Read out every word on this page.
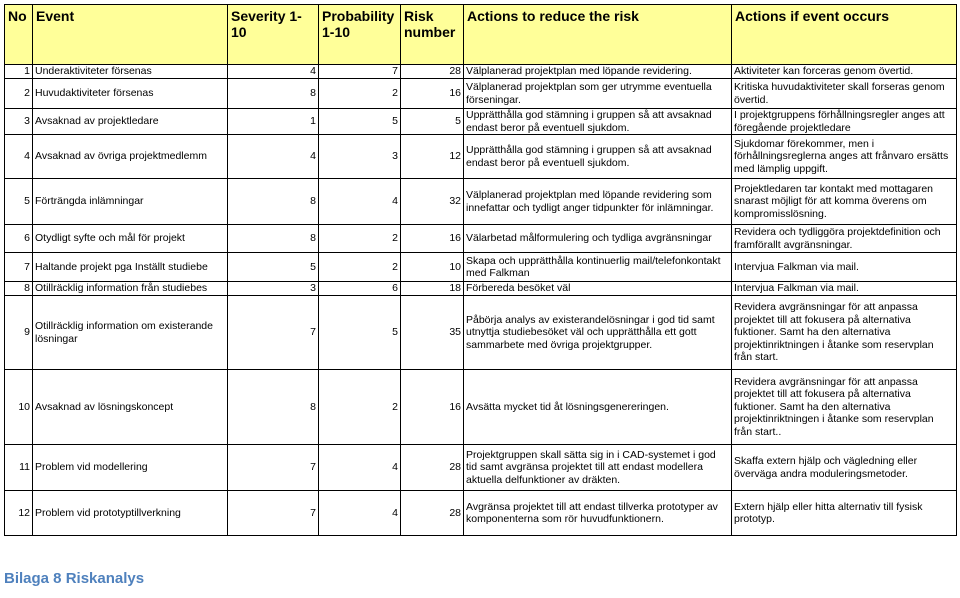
No	Event	Severity 1-10	Probability 1-10	Risk number	Actions to reduce the risk	Actions if event occurs
1	Underaktiviteter försenas	4	7	28	Välplanerad projektplan med löpande revidering.	Aktiviteter kan forceras genom övertid.
2	Huvudaktiviteter försenas	8	2	16	Välplanerad projektplan som ger utrymme eventuella förseningar.	Kritiska huvudaktiviteter skall forseras genom övertid.
3	Avsaknad av projektledare	1	5	5	Upprätthålla god stämning i gruppen så att avsaknad endast beror på eventuell sjukdom.	I projektgruppens förhållningsregler anges att föregående projektledare
4	Avsaknad av övriga projektmedlemm	4	3	12	Upprätthålla god stämning i gruppen så att avsaknad endast beror på eventuell sjukdom.	Sjukdomar förekommer, men i förhållningsreglerna anges att frånvaro ersätts med lämplig uppgift.
5	Förträngda inlämningar	8	4	32	Välplanerad projektplan med löpande revidering som innefattar och tydligt anger tidpunkter för inlämningar.	Projektledaren tar kontakt med mottagaren snarast möjligt för att komma överens om kompromisslösning.
6	Otydligt syfte och mål för projekt	8	2	16	Välarbetad målformulering och tydliga avgränsningar	Revidera och tydliggöra projektdefinition och framförallt avgränsningar.
7	Haltande projekt pga Inställt studiebe	5	2	10	Skapa och upprätthålla kontinuerlig mail/telefonkontakt med Falkman	Intervjua Falkman via mail.
8	Otillräcklig information från studiebes	3	6	18	Förbereda besöket väl	Intervjua Falkman via mail.
9	Otillräcklig information om existerande lösningar	7	5	35	Påbörja analys av existerandelösningar i god tid samt utnyttja studiebesöket väl och upprätthålla ett gott sammarbete med övriga projektgrupper.	Revidera avgränsningar för att anpassa projektet till att fokusera på alternativa fuktioner. Samt ha den alternativa projektinriktningen i åtanke som reservplan från start.
10	Avsaknad av lösningskoncept	8	2	16	Avsätta mycket tid åt lösningsgenereringen.	Revidera avgränsningar för att anpassa projektet till att fokusera på alternativa fuktioner. Samt ha den alternativa projektinriktningen i åtanke som reservplan från start..
11	Problem vid modellering	7	4	28	Projektgruppen skall sätta sig in i CAD-systemet i god tid samt avgränsa projektet till att endast modellera aktuella delfunktioner av dräkten.	Skaffa extern hjälp och vägledning eller överväga andra moduleringsmetoder.
12	Problem vid prototyptillverkning	7	4	28	Avgränsa projektet till att endast tillverka prototyper av komponenterna som rör huvudfunktionern.	Extern hjälp eller hitta alternativ till fysisk prototyp.
Bilaga 8 Riskanalys
